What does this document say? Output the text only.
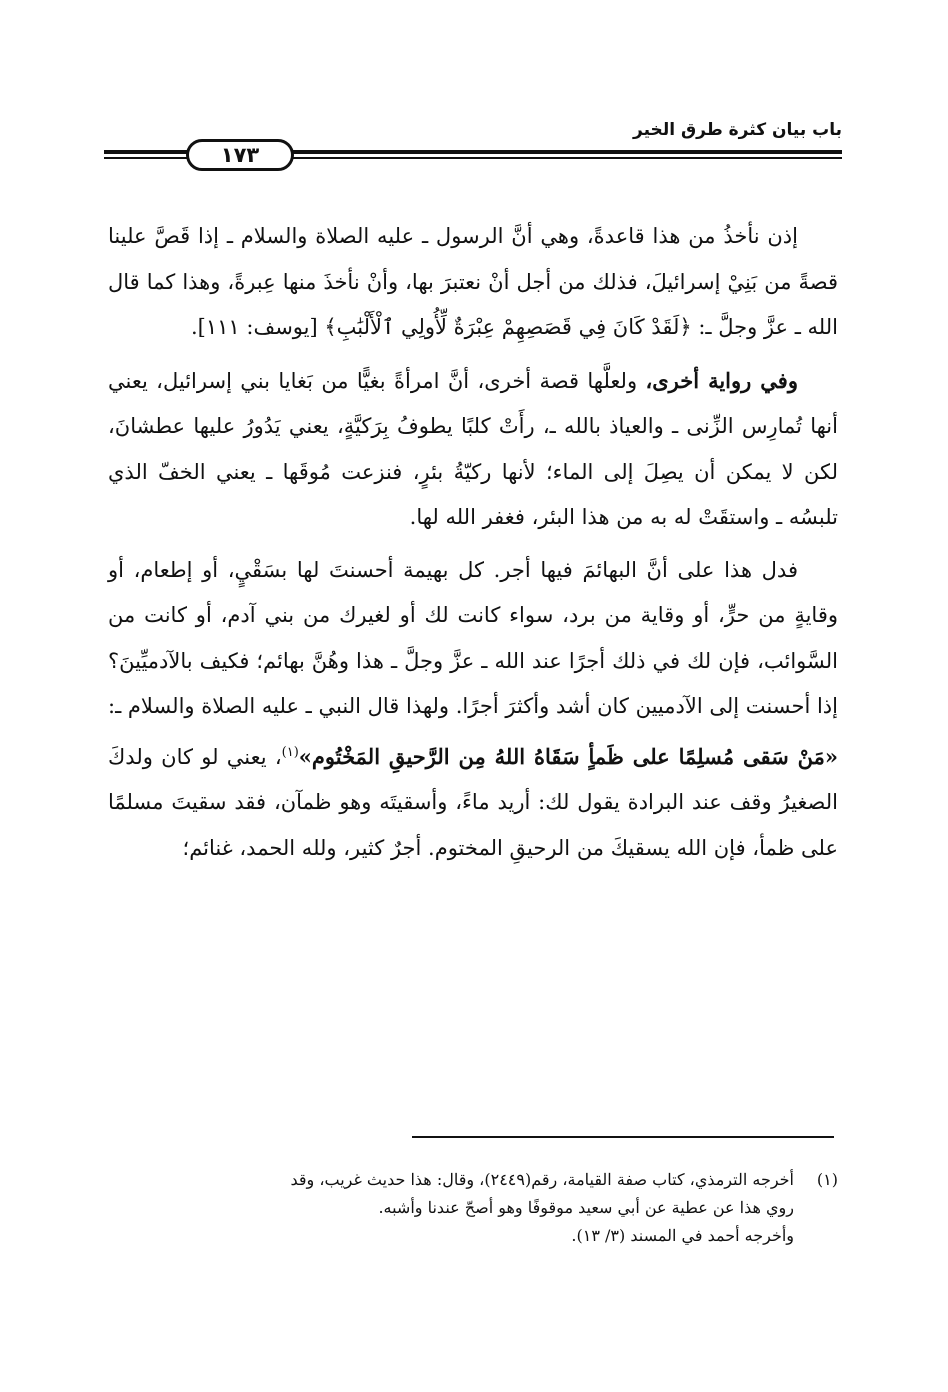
باب بيان كثرة طرق الخير
١٧٣

إذن نأخذُ من هذا قاعدةً، وهي أنَّ الرسول ـ عليه الصلاة والسلام ـ إذا قَصَّ علينا قصةً من بَنِيْ إسرائيلَ، فذلك من أجل أنْ نعتبرَ بها، وأنْ نأخذَ منها عِبرةً، وهذا كما قال الله ـ عزَّ وجلَّ ـ: ﴿لَقَدْ كَانَ فِي قَصَصِهِمْ عِبْرَةٌ لِّأُولِي ٱلْأَلْبَٰبِ﴾ [يوسف: ١١١].

وفي رواية أخرى، ولعلَّها قصة أخرى، أنَّ امرأةً بغيًّا من بَغايا بني إسرائيل، يعني أنها تُمارِس الزِّنى ـ والعياذ بالله ـ، رأَتْ كلبًا يطوفُ بِرَكيَّةٍ، يعني يَدُورُ عليها عطشانَ، لكن لا يمكن أن يصِلَ إلى الماء؛ لأنها ركيّةُ بئرٍ، فنزعت مُوقَها ـ يعني الخفّ الذي تلبسُه ـ واستقَتْ له به من هذا البئر، فغفر الله لها.

فدل هذا على أنَّ البهائمَ فيها أجر. كل بهيمة أحسنتَ لها بسَقْيٍ، أو إطعام، أو وقايةٍ من حرٍّ، أو وقاية من برد، سواء كانت لك أو لغيرك من بني آدم، أو كانت من السَّوائب، فإن لك في ذلك أجرًا عند الله ـ عزَّ وجلَّ ـ هذا وهُنَّ بهائم؛ فكيف بالآدميِّينَ؟ إذا أحسنت إلى الآدميين كان أشد وأكثرَ أجرًا. ولهذا قال النبي ـ عليه الصلاة والسلام ـ: «مَنْ سَقى مُسلِمًا على ظَمأٍ سَقَاهُ اللهُ مِن الرَّحيقِ المَخْتُوم»$^{(١)}$، يعني لو كان ولدكَ الصغيرُ وقف عند البرادة يقول لك: أريد ماءً، وأسقيتَه وهو ظمآن، فقد سقيتَ مسلمًا على ظمأ، فإن الله يسقيكَ من الرحيقِ المختوم. أجرٌ كثير، ولله الحمد، غنائم؛

(١)أخرجه الترمذي، كتاب صفة القيامة، رقم(٢٤٤٩)، وقال: هذا حديث غريب، وقد

روي هذا عن عطية عن أبي سعيد موقوفًا وهو أصحّ عندنا وأشبه.

وأخرجه أحمد في المسند (٣/ ١٣).
